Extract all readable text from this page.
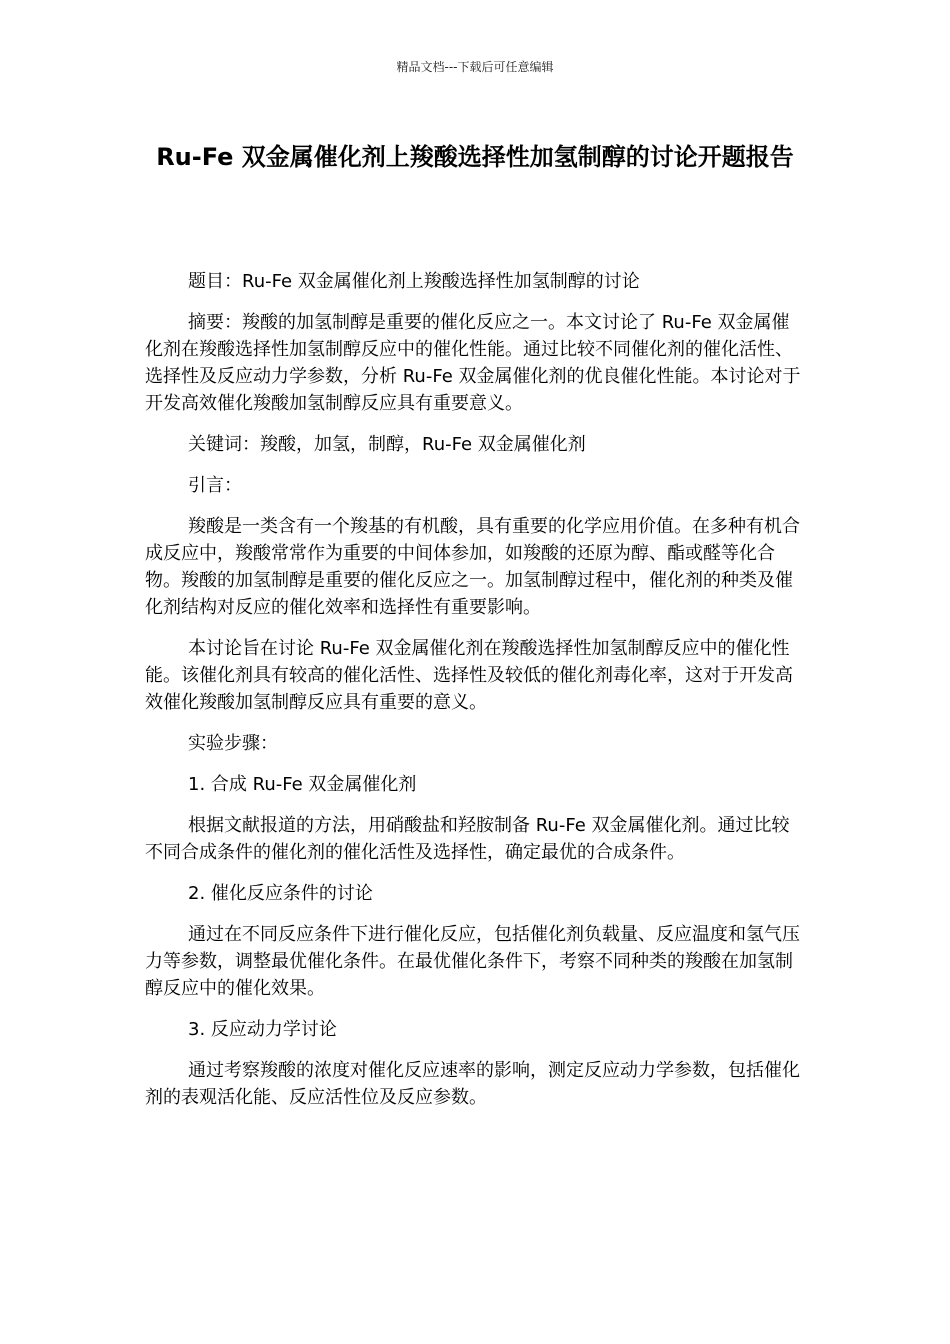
精品文档---下载后可任意编辑
Ru-Fe 双金属催化剂上羧酸选择性加氢制醇的讨论开题报告

题目：Ru-Fe 双金属催化剂上羧酸选择性加氢制醇的讨论

摘要：羧酸的加氢制醇是重要的催化反应之一。本文讨论了 Ru-Fe 双金属催化剂在羧酸选择性加氢制醇反应中的催化性能。通过比较不同催化剂的催化活性、选择性及反应动力学参数，分析 Ru-Fe 双金属催化剂的优良催化性能。本讨论对于开发高效催化羧酸加氢制醇反应具有重要意义。

关键词：羧酸，加氢，制醇，Ru-Fe 双金属催化剂

引言：

羧酸是一类含有一个羧基的有机酸，具有重要的化学应用价值。在多种有机合成反应中，羧酸常常作为重要的中间体参加，如羧酸的还原为醇、酯或醛等化合物。羧酸的加氢制醇是重要的催化反应之一。加氢制醇过程中，催化剂的种类及催化剂结构对反应的催化效率和选择性有重要影响。

本讨论旨在讨论 Ru-Fe 双金属催化剂在羧酸选择性加氢制醇反应中的催化性能。该催化剂具有较高的催化活性、选择性及较低的催化剂毒化率，这对于开发高效催化羧酸加氢制醇反应具有重要的意义。

实验步骤：

1. 合成 Ru-Fe 双金属催化剂

根据文献报道的方法，用硝酸盐和羟胺制备 Ru-Fe 双金属催化剂。通过比较不同合成条件的催化剂的催化活性及选择性，确定最优的合成条件。

2. 催化反应条件的讨论

通过在不同反应条件下进行催化反应，包括催化剂负载量、反应温度和氢气压力等参数，调整最优催化条件。在最优催化条件下，考察不同种类的羧酸在加氢制醇反应中的催化效果。

3. 反应动力学讨论

通过考察羧酸的浓度对催化反应速率的影响，测定反应动力学参数，包括催化剂的表观活化能、反应活性位及反应参数。
